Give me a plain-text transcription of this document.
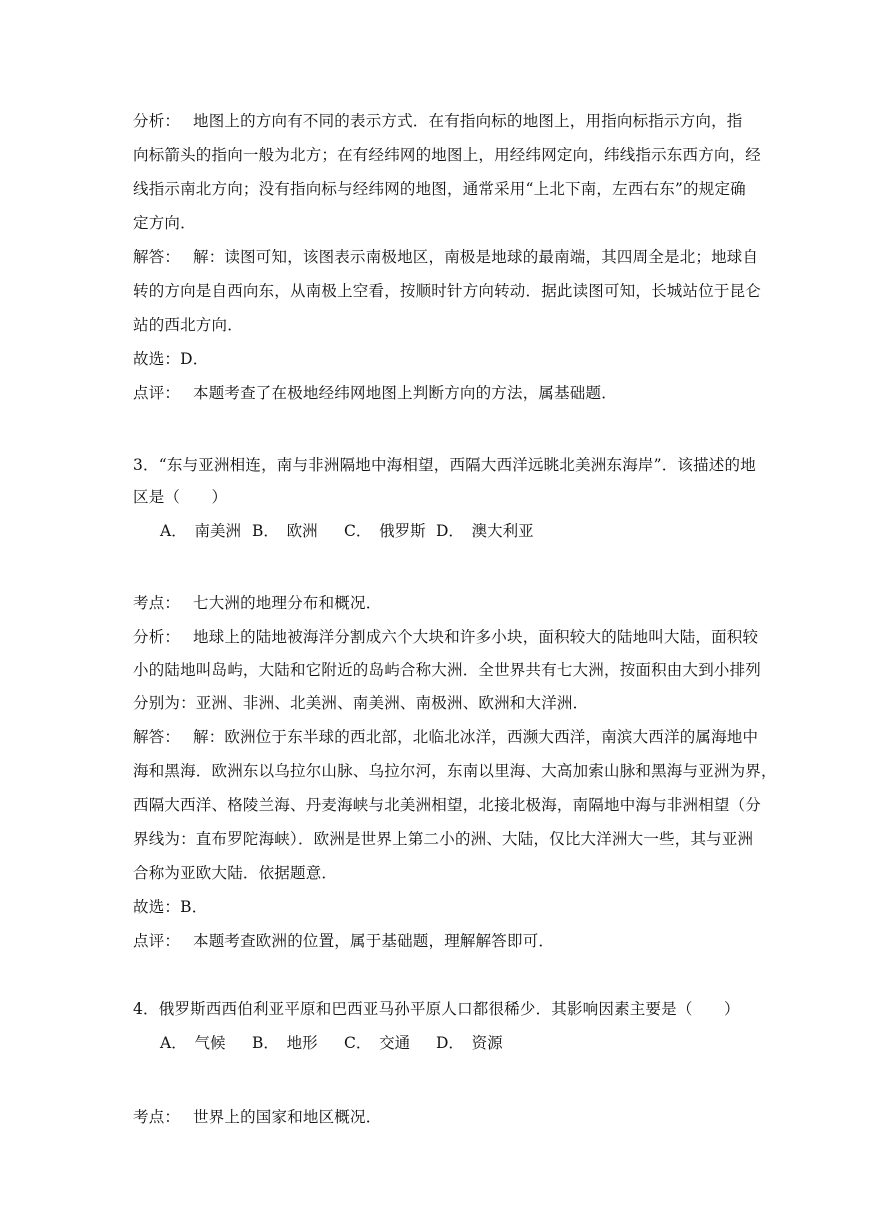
分析： 地图上的方向有不同的表示方式．在有指向标的地图上，用指向标指示方向，指
向标箭头的指向一般为北方；在有经纬网的地图上，用经纬网定向，纬线指示东西方向，经
线指示南北方向；没有指向标与经纬网的地图，通常采用“上北下南，左西右东”的规定确
定方向．
解答： 解：读图可知，该图表示南极地区，南极是地球的最南端，其四周全是北；地球自
转的方向是自西向东，从南极上空看，按顺时针方向转动．据此读图可知，长城站位于昆仑
站的西北方向．
故选：D．
点评： 本题考查了在极地经纬网地图上判断方向的方法，属基础题．
3．“东与亚洲相连，南与非洲隔地中海相望，西隔大西洋远眺北美洲东海岸”．该描述的地
区是（　　）
A．　南美洲 B．　欧洲 C．　俄罗斯 D．　澳大利亚
考点： 七大洲的地理分布和概况．
分析： 地球上的陆地被海洋分割成六个大块和许多小块，面积较大的陆地叫大陆，面积较
小的陆地叫岛屿，大陆和它附近的岛屿合称大洲．全世界共有七大洲，按面积由大到小排列
分别为：亚洲、非洲、北美洲、南美洲、南极洲、欧洲和大洋洲．
解答： 解：欧洲位于东半球的西北部，北临北冰洋，西濒大西洋，南滨大西洋的属海地中
海和黑海．欧洲东以乌拉尔山脉、乌拉尔河，东南以里海、大高加索山脉和黑海与亚洲为界，
西隔大西洋、格陵兰海、丹麦海峡与北美洲相望，北接北极海，南隔地中海与非洲相望（分
界线为：直布罗陀海峡）．欧洲是世界上第二小的洲、大陆，仅比大洋洲大一些，其与亚洲
合称为亚欧大陆．依据题意．
故选：B．
点评： 本题考查欧洲的位置，属于基础题，理解解答即可．
4．俄罗斯西西伯利亚平原和巴西亚马孙平原人口都很稀少．其影响因素主要是（　　）
A．　气候 B．　地形 C．　交通 D．　资源
考点： 世界上的国家和地区概况．
